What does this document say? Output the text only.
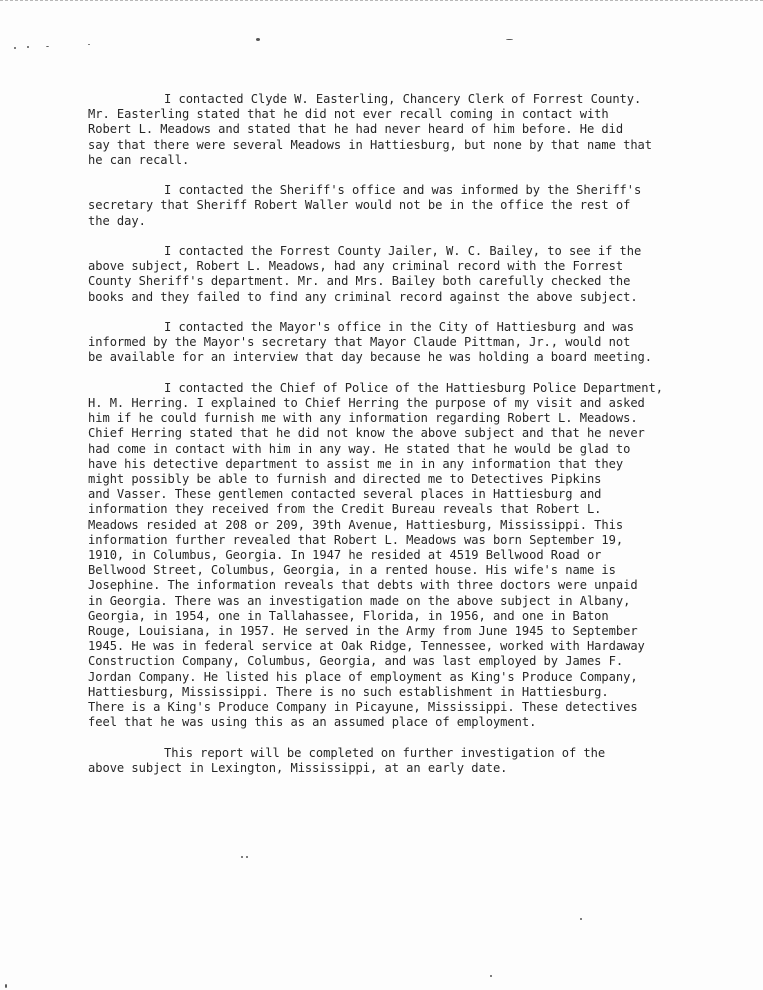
I contacted Clyde W. Easterling, Chancery Clerk of Forrest County.
Mr. Easterling stated that he did not ever recall coming in contact with
Robert L. Meadows and stated that he had never heard of him before. He did
say that there were several Meadows in Hattiesburg, but none by that name that
he can recall.
I contacted the Sheriff's office and was informed by the Sheriff's
secretary that Sheriff Robert Waller would not be in the office the rest of
the day.
I contacted the Forrest County Jailer, W. C. Bailey, to see if the
above subject, Robert L. Meadows, had any criminal record with the Forrest
County Sheriff's department. Mr. and Mrs. Bailey both carefully checked the
books and they failed to find any criminal record against the above subject.
I contacted the Mayor's office in the City of Hattiesburg and was
informed by the Mayor's secretary that Mayor Claude Pittman, Jr., would not
be available for an interview that day because he was holding a board meeting.
I contacted the Chief of Police of the Hattiesburg Police Department,
H. M. Herring. I explained to Chief Herring the purpose of my visit and asked
him if he could furnish me with any information regarding Robert L. Meadows.
Chief Herring stated that he did not know the above subject and that he never
had come in contact with him in any way. He stated that he would be glad to
have his detective department to assist me in in any information that they
might possibly be able to furnish and directed me to Detectives Pipkins
and Vasser. These gentlemen contacted several places in Hattiesburg and
information they received from the Credit Bureau reveals that Robert L.
Meadows resided at 208 or 209, 39th Avenue, Hattiesburg, Mississippi. This
information further revealed that Robert L. Meadows was born September 19,
1910, in Columbus, Georgia. In 1947 he resided at 4519 Bellwood Road or
Bellwood Street, Columbus, Georgia, in a rented house. His wife's name is
Josephine. The information reveals that debts with three doctors were unpaid
in Georgia. There was an investigation made on the above subject in Albany,
Georgia, in 1954, one in Tallahassee, Florida, in 1956, and one in Baton
Rouge, Louisiana, in 1957. He served in the Army from June 1945 to September
1945. He was in federal service at Oak Ridge, Tennessee, worked with Hardaway
Construction Company, Columbus, Georgia, and was last employed by James F.
Jordan Company. He listed his place of employment as King's Produce Company,
Hattiesburg, Mississippi. There is no such establishment in Hattiesburg.
There is a King's Produce Company in Picayune, Mississippi. These detectives
feel that he was using this as an assumed place of employment.
This report will be completed on further investigation of the
above subject in Lexington, Mississippi, at an early date.
